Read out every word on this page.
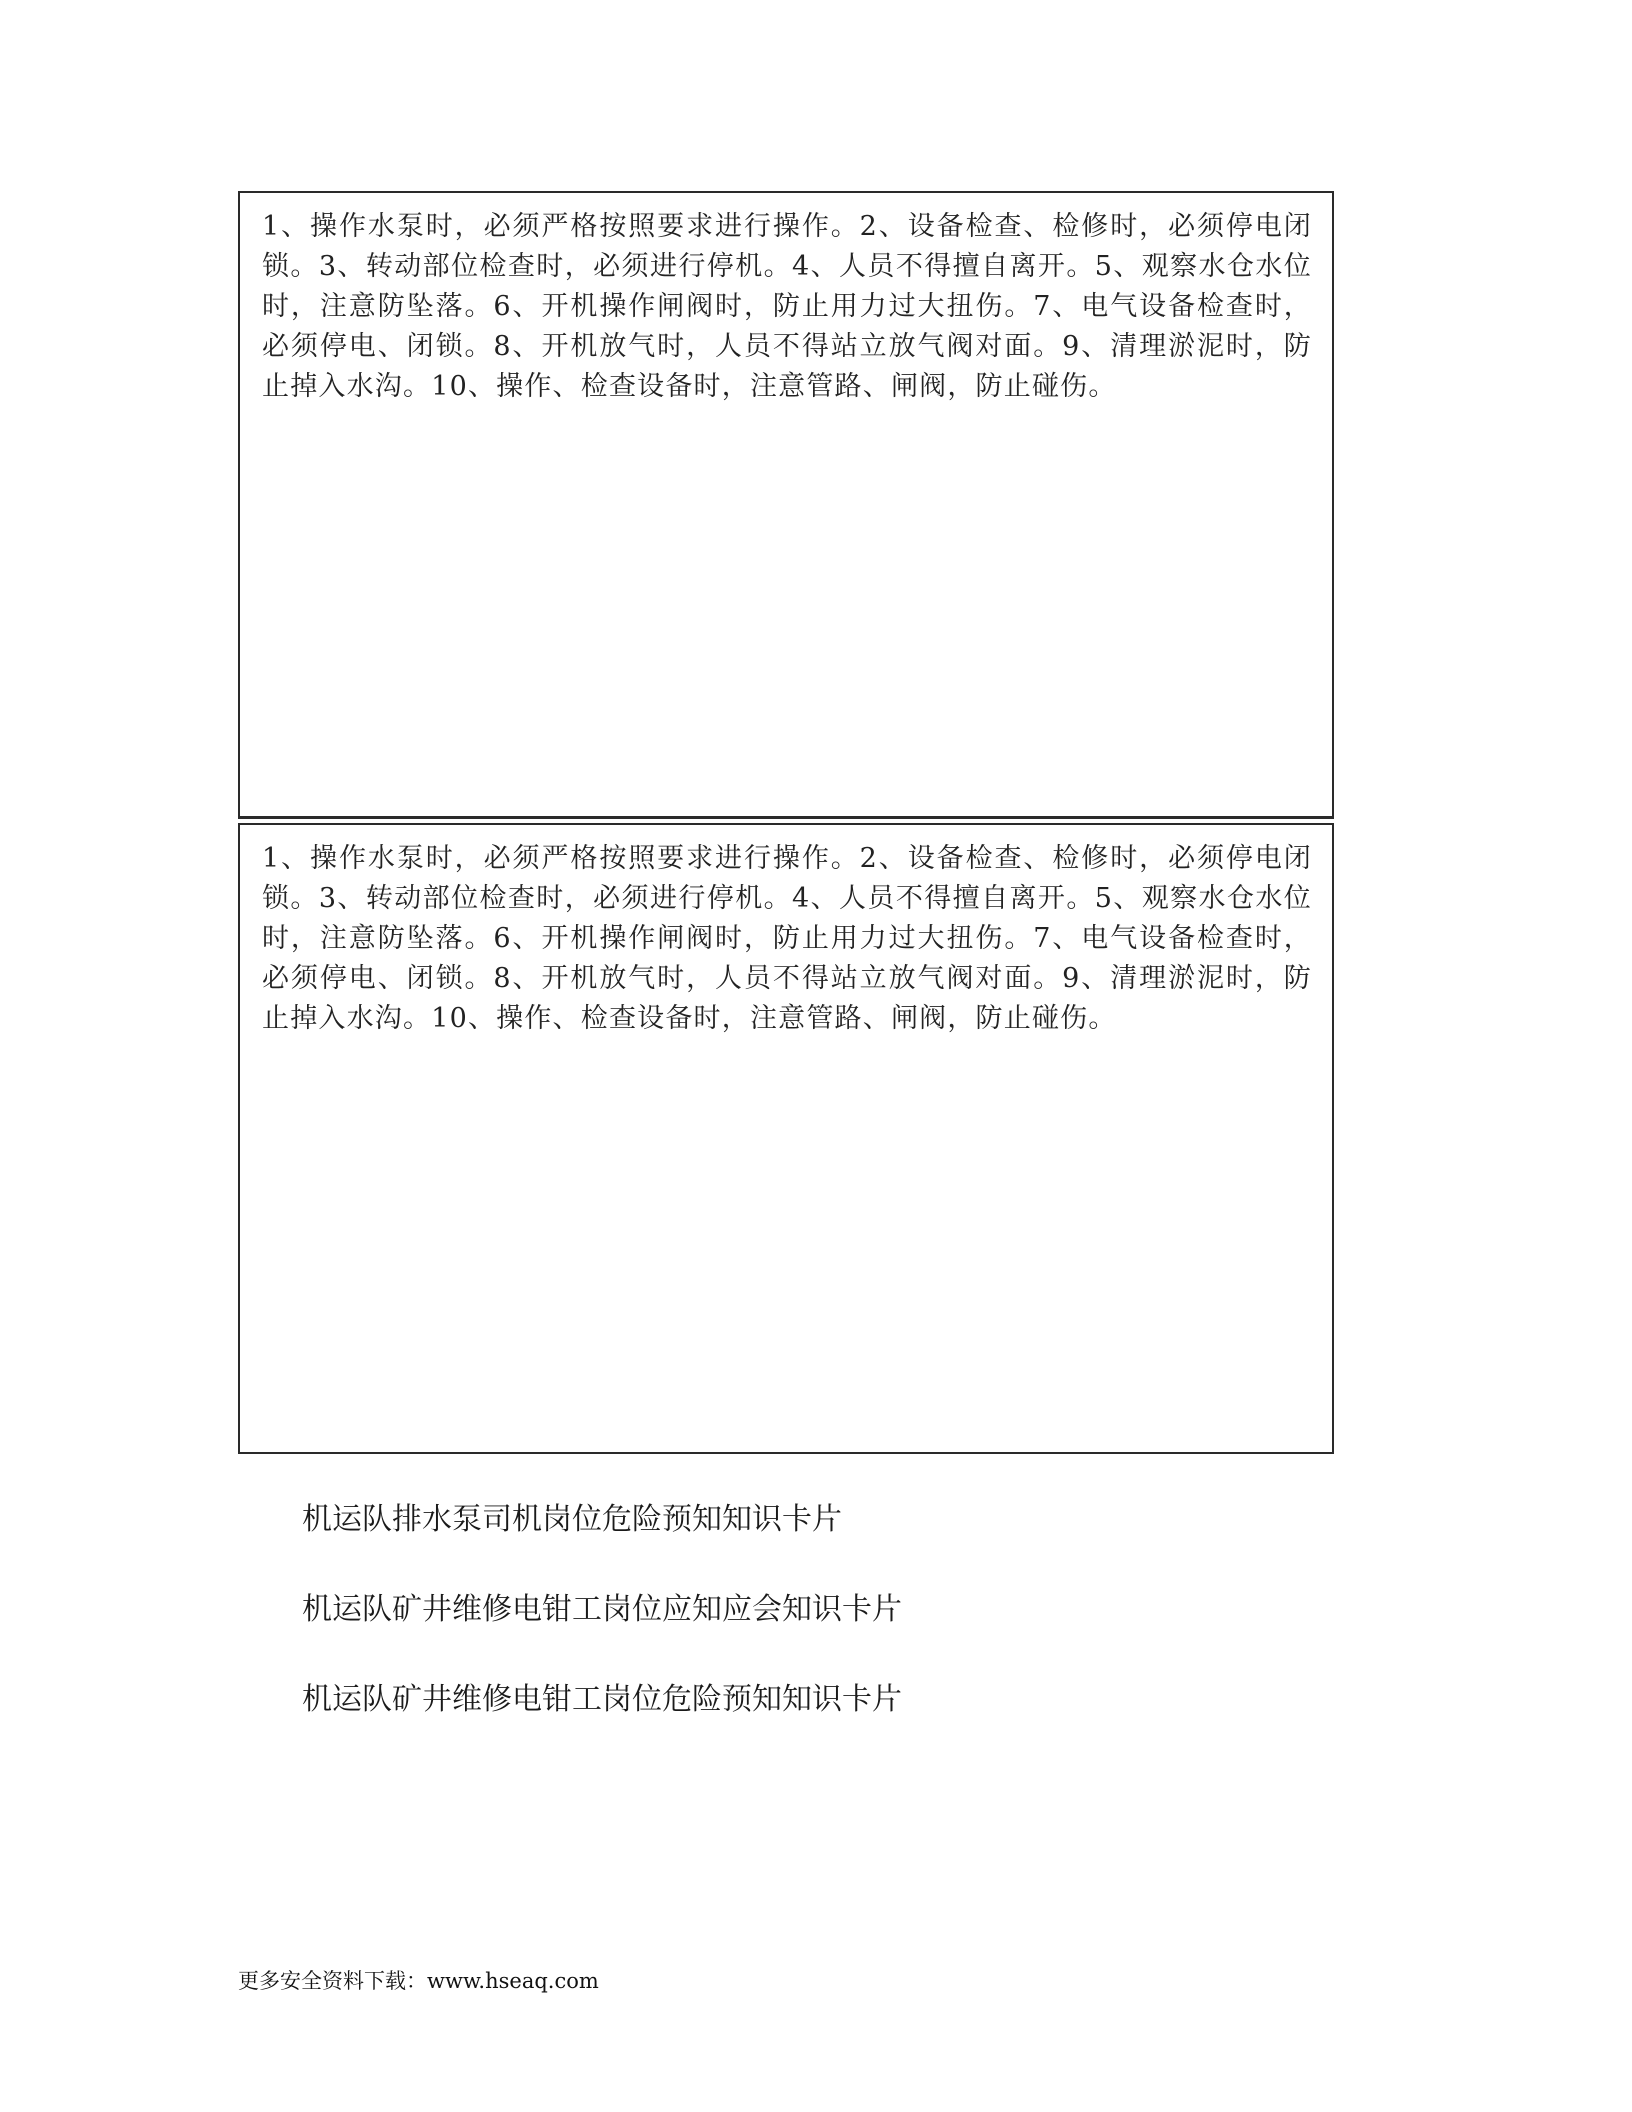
1、操作水泵时，必须严格按照要求进行操作。2、设备检查、检修时，必须停电闭锁。3、转动部位检查时，必须进行停机。4、人员不得擅自离开。5、观察水仓水位时，注意防坠落。6、开机操作闸阀时，防止用力过大扭伤。7、电气设备检查时，必须停电、闭锁。8、开机放气时，人员不得站立放气阀对面。9、清理淤泥时，防止掉入水沟。10、操作、检查设备时，注意管路、闸阀，防止碰伤。
1、操作水泵时，必须严格按照要求进行操作。2、设备检查、检修时，必须停电闭锁。3、转动部位检查时，必须进行停机。4、人员不得擅自离开。5、观察水仓水位时，注意防坠落。6、开机操作闸阀时，防止用力过大扭伤。7、电气设备检查时，必须停电、闭锁。8、开机放气时，人员不得站立放气阀对面。9、清理淤泥时，防止掉入水沟。10、操作、检查设备时，注意管路、闸阀，防止碰伤。
机运队排水泵司机岗位危险预知知识卡片
机运队矿井维修电钳工岗位应知应会知识卡片
机运队矿井维修电钳工岗位危险预知知识卡片
更多安全资料下载：www.hseaq.com
